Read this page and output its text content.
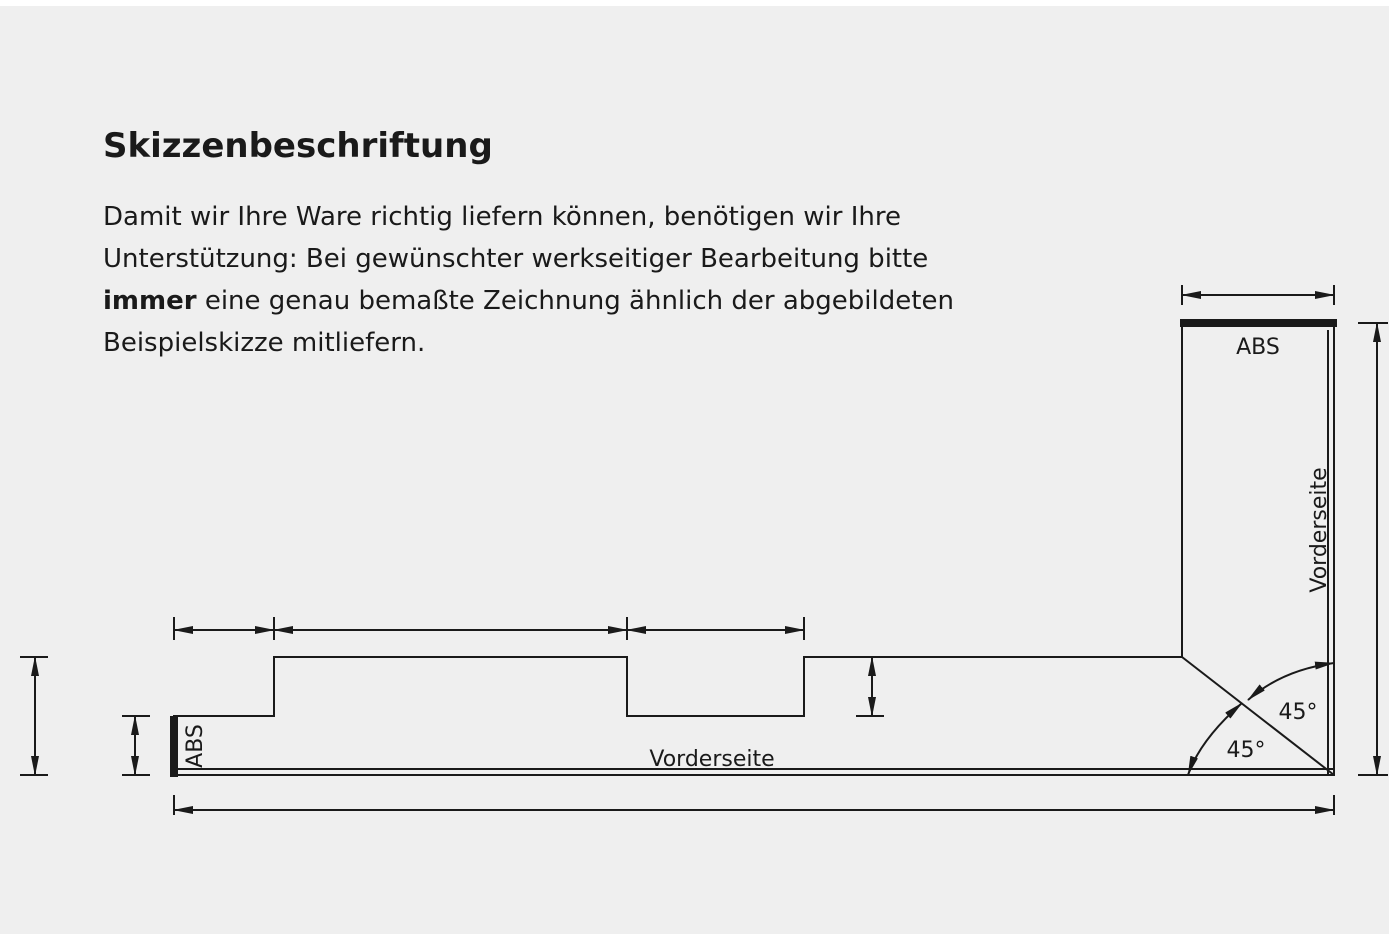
Skizzenbeschriftung

Damit wir Ihre Ware richtig liefern können, benötigen wir Ihre
Unterstützung: Bei gewünschter werkseitiger Bearbeitung bitte
immer eine genau bemaßte Zeichnung ähnlich der abgebildeten
Beispielskizze mitliefern.	ABS
ABS	Vorderseite
Vorderseite
45°
45°
